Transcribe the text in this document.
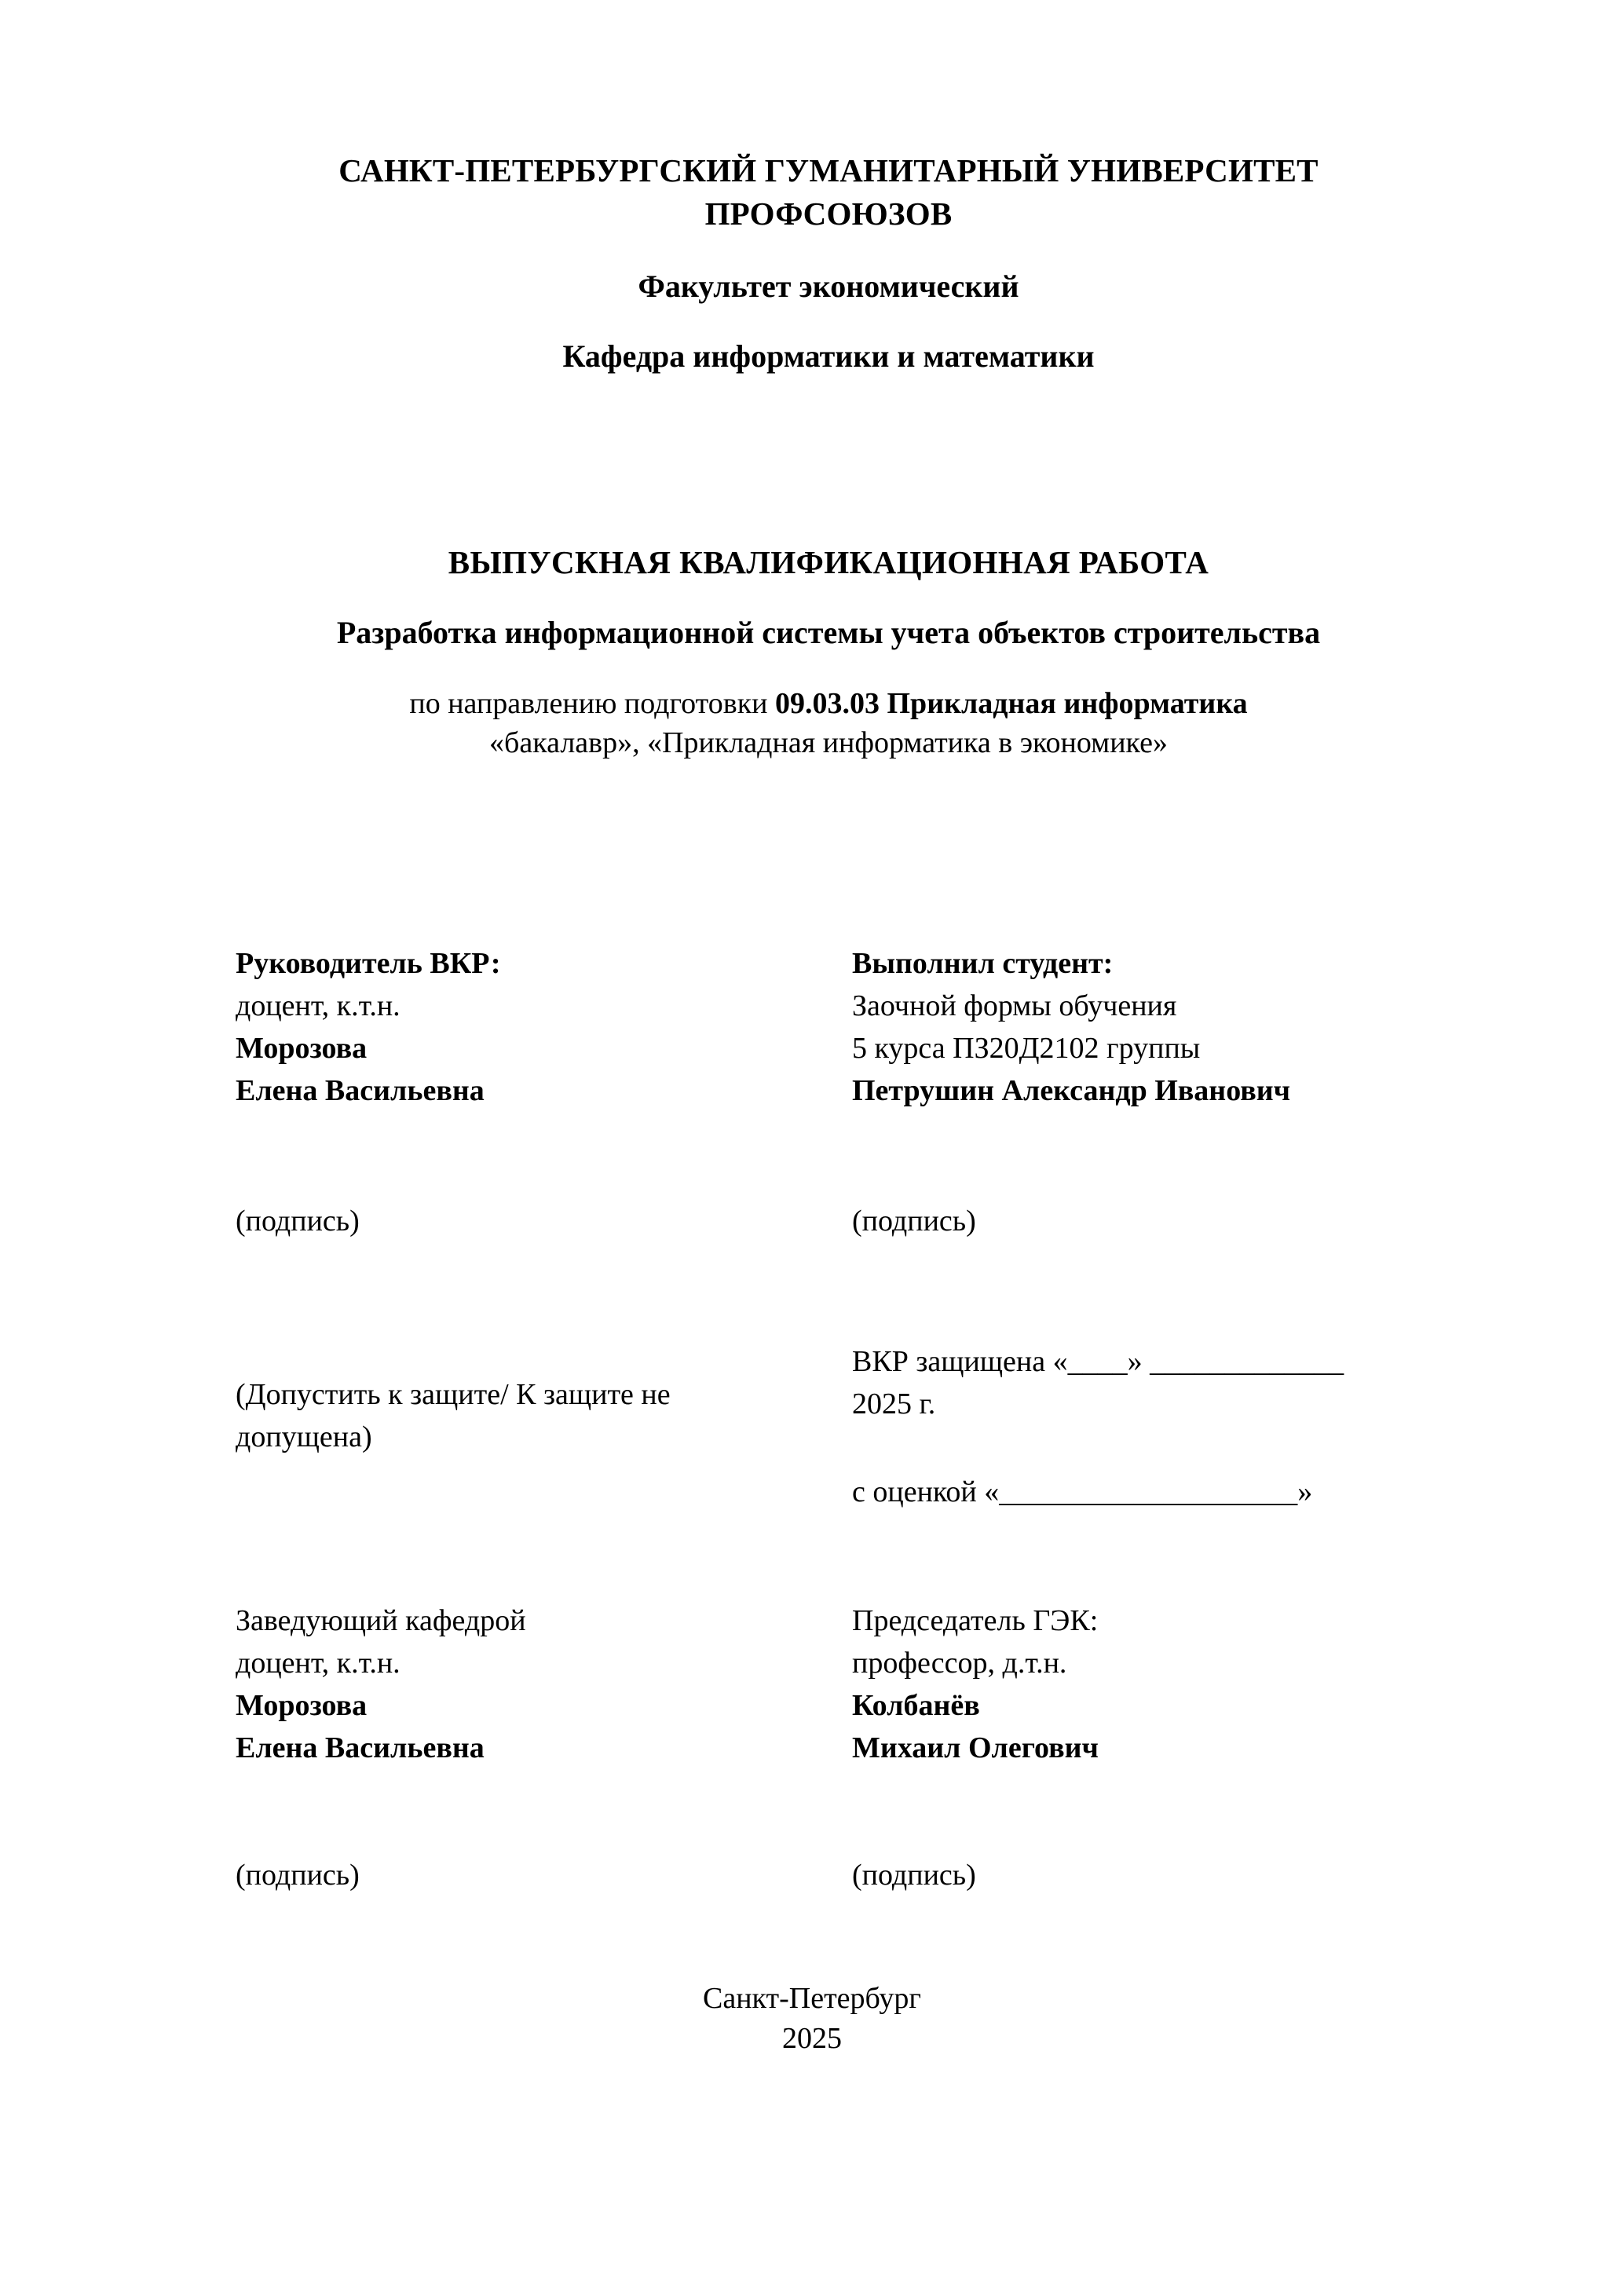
САНКТ-ПЕТЕРБУРГСКИЙ ГУМАНИТАРНЫЙ УНИВЕРСИТЕТ ПРОФСОЮЗОВ
Факультет экономический
Кафедра информатики и математики
ВЫПУСКНАЯ КВАЛИФИКАЦИОННАЯ РАБОТА
Разработка информационной системы учета объектов строительства
по направлению подготовки 09.03.03 Прикладная информатика
«бакалавр», «Прикладная информатика в экономике»
Руководитель ВКР:
доцент, к.т.н.
Морозова
Елена Васильевна
(подпись)
Выполнил студент:
Заочной формы обучения
5 курса ПЗ20Д2102 группы
Петрушин Александр Иванович
(подпись)
(Допустить к защите/ К защите не допущена)
ВКР защищена «____» _____________
2025 г.
с оценкой «____________________»
Заведующий кафедрой
доцент, к.т.н.
Морозова
Елена Васильевна
(подпись)
Председатель ГЭК:
профессор, д.т.н.
Колбанёв
Михаил Олегович
(подпись)
Санкт-Петербург
2025
